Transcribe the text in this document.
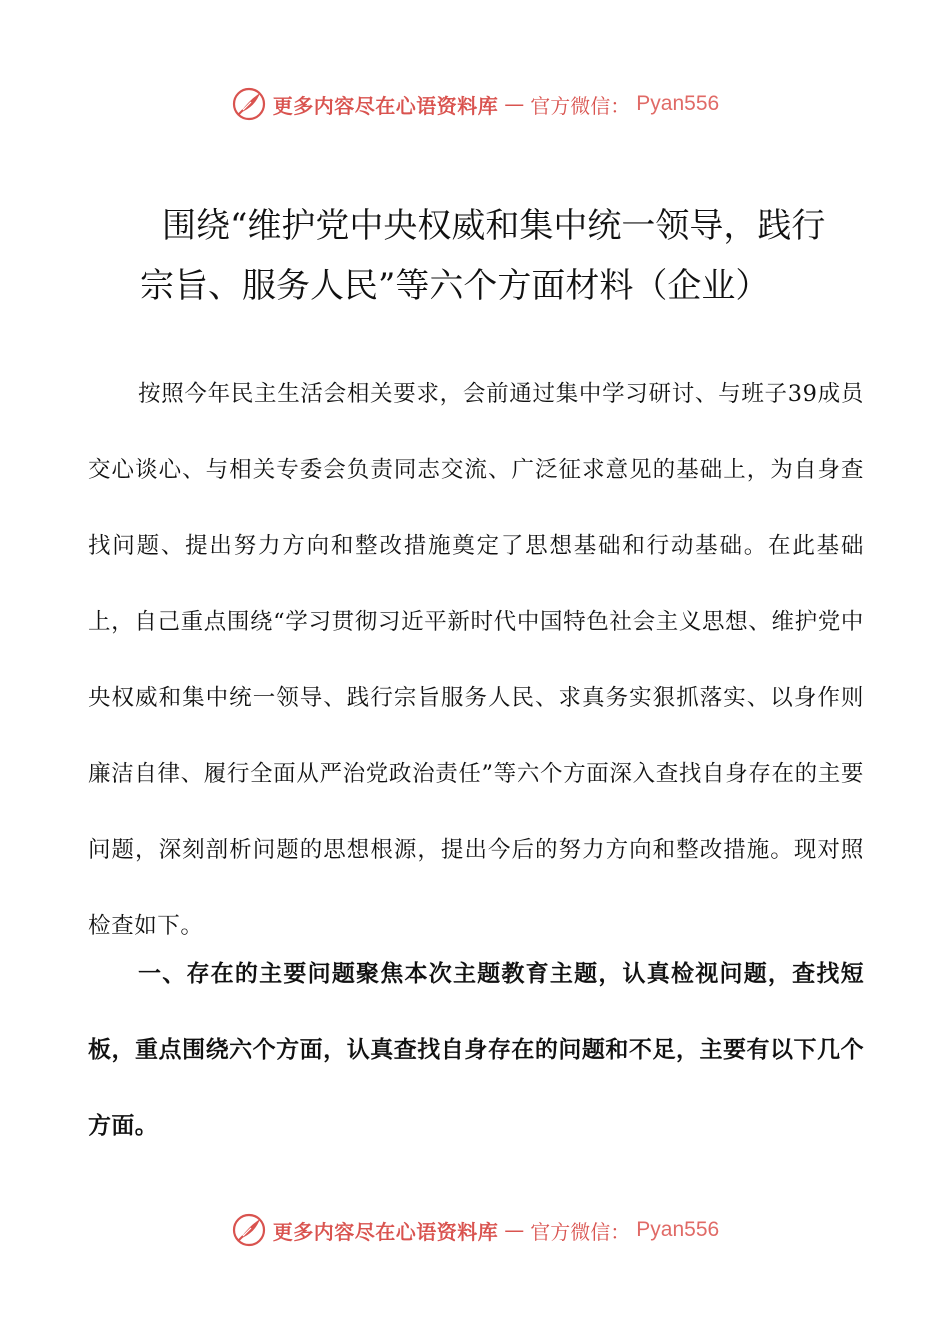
更多内容尽在心语资料库 — 官方微信： Pyan556
围绕“维护党中央权威和集中统一领导，践行
宗旨、服务人民”等六个方面材料（企业）

按照今年民主生活会相关要求，会前通过集中学习研讨、与班子39成员交心谈心、与相关专委会负责同志交流、广泛征求意见的基础上，为自身查找问题、提出努力方向和整改措施奠定了思想基础和行动基础。在此基础上，自己重点围绕“学习贯彻习近平新时代中国特色社会主义思想、维护党中央权威和集中统一领导、践行宗旨服务人民、求真务实狠抓落实、以身作则廉洁自律、履行全面从严治党政治责任”等六个方面深入查找自身存在的主要问题，深刻剖析问题的思想根源，提出今后的努力方向和整改措施。现对照检查如下。

一、存在的主要问题聚焦本次主题教育主题，认真检视问题，查找短板，重点围绕六个方面，认真查找自身存在的问题和不足，主要有以下几个方面。

更多内容尽在心语资料库 — 官方微信： Pyan556
